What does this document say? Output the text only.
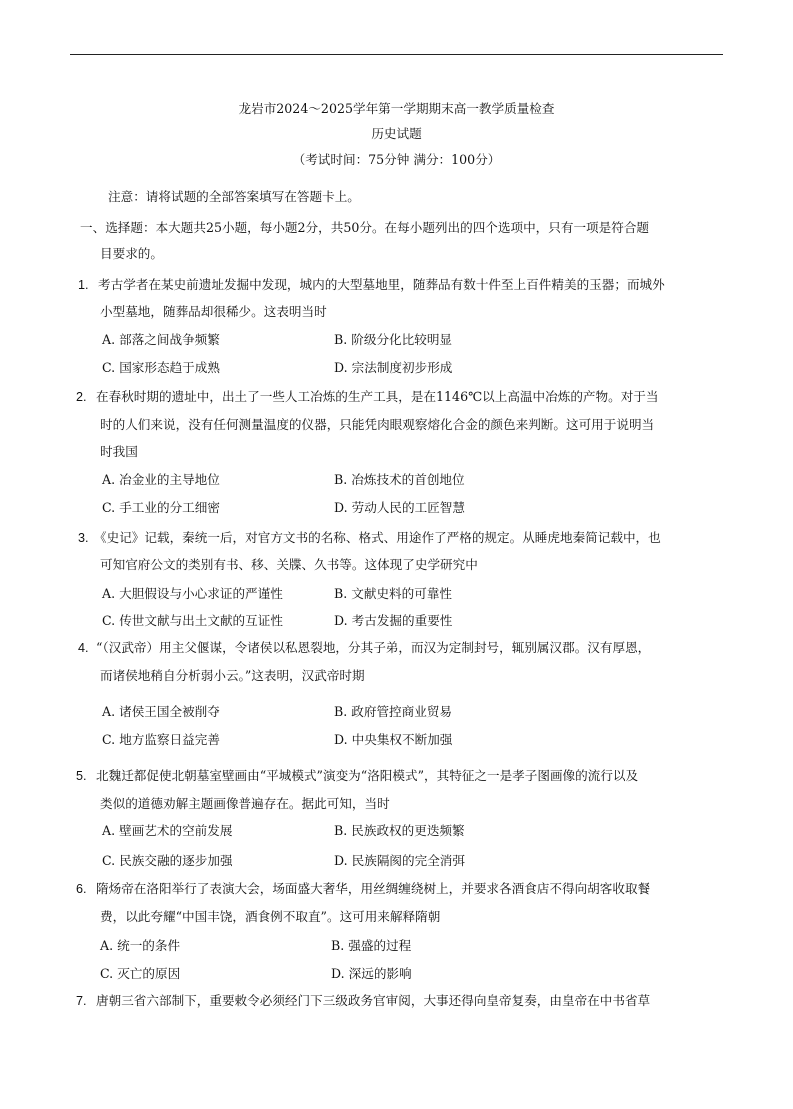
龙岩市2024～2025学年第一学期期末高一教学质量检查
历史试题
（考试时间：75分钟 满分：100分）
注意：请将试题的全部答案填写在答题卡上。
一、选择题：本大题共25小题，每小题2分，共50分。在每小题列出的四个选项中，只有一项是符合题
目要求的。
1. 考古学者在某史前遗址发掘中发现，城内的大型墓地里，随葬品有数十件至上百件精美的玉器；而城外
小型墓地，随葬品却很稀少。这表明当时
A. 部落之间战争频繁	B. 阶级分化比较明显
C. 国家形态趋于成熟	D. 宗法制度初步形成
2. 在春秋时期的遗址中，出土了一些人工冶炼的生产工具，是在1146℃以上高温中冶炼的产物。对于当
时的人们来说，没有任何测量温度的仪器，只能凭肉眼观察熔化合金的颜色来判断。这可用于说明当
时我国
A. 冶金业的主导地位	B. 冶炼技术的首创地位
C. 手工业的分工细密	D. 劳动人民的工匠智慧
3. 《史记》记载，秦统一后，对官方文书的名称、格式、用途作了严格的规定。从睡虎地秦简记载中，也
可知官府公文的类别有书、移、关牒、久书等。这体现了史学研究中
A. 大胆假设与小心求证的严谨性	B. 文献史料的可靠性
C. 传世文献与出土文献的互证性	D. 考古发掘的重要性
4. “（汉武帝）用主父偃谋，令诸侯以私恩裂地，分其子弟，而汉为定制封号，辄别属汉郡。汉有厚恩，
而诸侯地稍自分析弱小云。”这表明，汉武帝时期
A. 诸侯王国全被削夺	B. 政府管控商业贸易
C. 地方监察日益完善	D. 中央集权不断加强
5. 北魏迁都促使北朝墓室壁画由“平城模式”演变为“洛阳模式”，其特征之一是孝子图画像的流行以及
类似的道德劝解主题画像普遍存在。据此可知，当时
A. 壁画艺术的空前发展	B. 民族政权的更迭频繁
C. 民族交融的逐步加强	D. 民族隔阂的完全消弭
6. 隋炀帝在洛阳举行了表演大会，场面盛大奢华，用丝绸缠绕树上，并要求各酒食店不得向胡客收取餐
费，以此夸耀“中国丰饶，酒食例不取直”。这可用来解释隋朝
A. 统一的条件	B. 强盛的过程
C. 灭亡的原因	D. 深远的影响
7. 唐朝三省六部制下，重要敕令必须经门下三级政务官审阅，大事还得向皇帝复奏，由皇帝在中书省草
